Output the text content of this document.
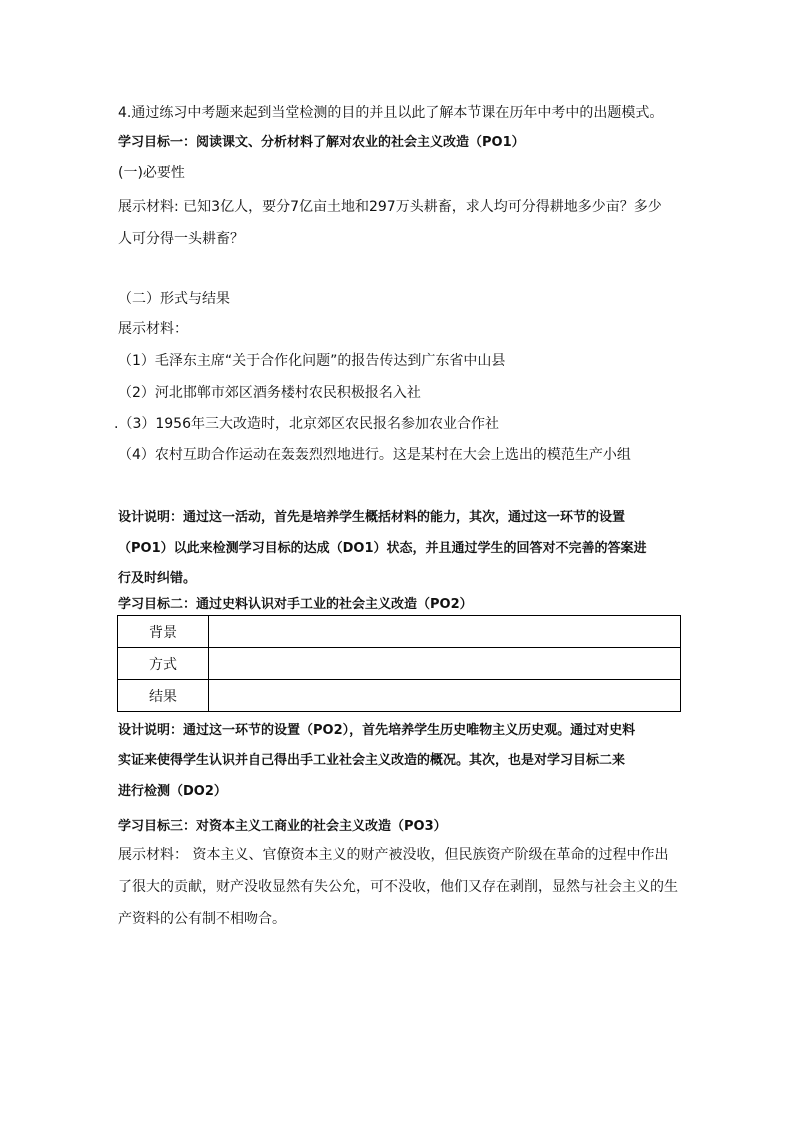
4.通过练习中考题来起到当堂检测的目的并且以此了解本节课在历年中考中的出题模式。
学习目标一：阅读课文、分析材料了解对农业的社会主义改造（PO1）
(一)必要性
展示材料: 已知3亿人，要分7亿亩土地和297万头耕畜，求人均可分得耕地多少亩？多少
人可分得一头耕畜？
（二）形式与结果
展示材料：
（1）毛泽东主席“关于合作化问题”的报告传达到广东省中山县
（2）河北邯郸市郊区酒务楼村农民积极报名入社
.（3）1956年三大改造时，北京郊区农民报名参加农业合作社
（4）农村互助合作运动在轰轰烈烈地进行。这是某村在大会上选出的模范生产小组
设计说明：通过这一活动，首先是培养学生概括材料的能力，其次，通过这一环节的设置
（PO1）以此来检测学习目标的达成（DO1）状态，并且通过学生的回答对不完善的答案进
行及时纠错。
学习目标二：通过史料认识对手工业的社会主义改造（PO2）
背景	
方式	
结果	
设计说明：通过这一环节的设置（PO2），首先培养学生历史唯物主义历史观。通过对史料
实证来使得学生认识并自己得出手工业社会主义改造的概况。其次，也是对学习目标二来
进行检测（DO2）
学习目标三：对资本主义工商业的社会主义改造（PO3）
展示材料： 资本主义、官僚资本主义的财产被没收，但民族资产阶级在革命的过程中作出
了很大的贡献，财产没收显然有失公允，可不没收，他们又存在剥削，显然与社会主义的生
产资料的公有制不相吻合。
